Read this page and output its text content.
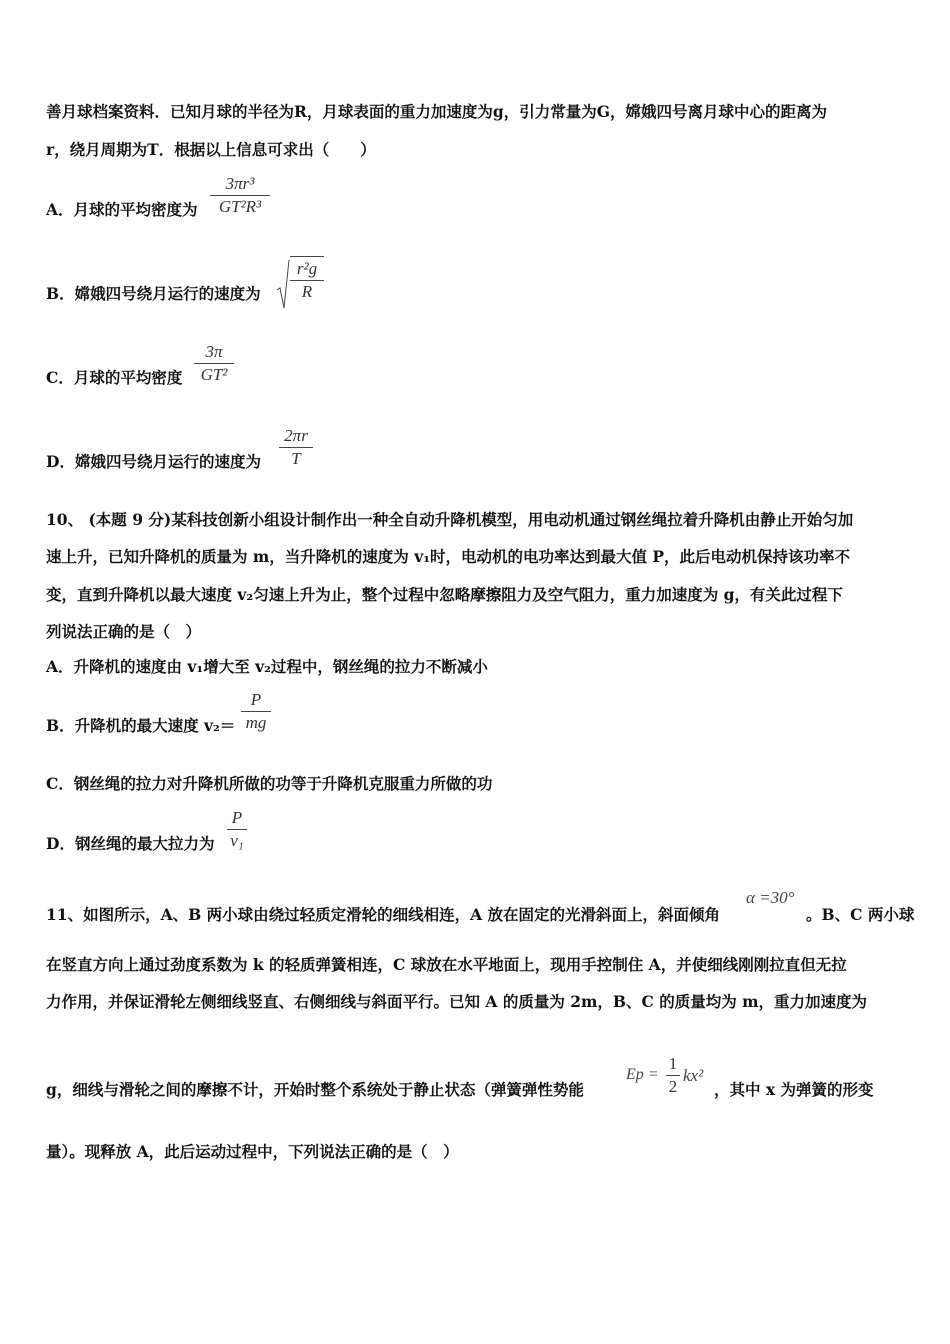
善月球档案资料．已知月球的半径为R，月球表面的重力加速度为g，引力常量为G，嫦娥四号离月球中心的距离为
r，绕月周期为T．根据以上信息可求出（　　）
A．月球的平均密度为
3πr³
GT²R³
B．嫦娥四号绕月运行的速度为
r²g
R
C．月球的平均密度
3π
GT²
D．嫦娥四号绕月运行的速度为
2πr
T
10、 (本题 9 分)某科技创新小组设计制作出一种全自动升降机模型，用电动机通过钢丝绳拉着升降机由静止开始匀加
速上升，已知升降机的质量为 m，当升降机的速度为 v₁时，电动机的电功率达到最大值 P，此后电动机保持该功率不
变，直到升降机以最大速度 v₂匀速上升为止，整个过程中忽略摩擦阻力及空气阻力，重力加速度为 g，有关此过程下
列说法正确的是（　）
A．升降机的速度由 v₁增大至 v₂过程中，钢丝绳的拉力不断减小
B．升降机的最大速度 v₂＝
P
mg
C．钢丝绳的拉力对升降机所做的功等于升降机克服重力所做的功
D．钢丝绳的最大拉力为
P
v₁
11、如图所示，A、B 两小球由绕过轻质定滑轮的细线相连，A 放在固定的光滑斜面上，斜面倾角
α =30°
。B、C 两小球
在竖直方向上通过劲度系数为 k 的轻质弹簧相连，C 球放在水平地面上，现用手控制住 A，并使细线刚刚拉直但无拉
力作用，并保证滑轮左侧细线竖直、右侧细线与斜面平行。已知 A 的质量为 2m，B、C 的质量均为 m，重力加速度为
g，细线与滑轮之间的摩擦不计，开始时整个系统处于静止状态（弹簧弹性势能
Ep =
1
2
kx²
，其中 x 为弹簧的形变
量）。现释放 A，此后运动过程中，下列说法正确的是（　）
